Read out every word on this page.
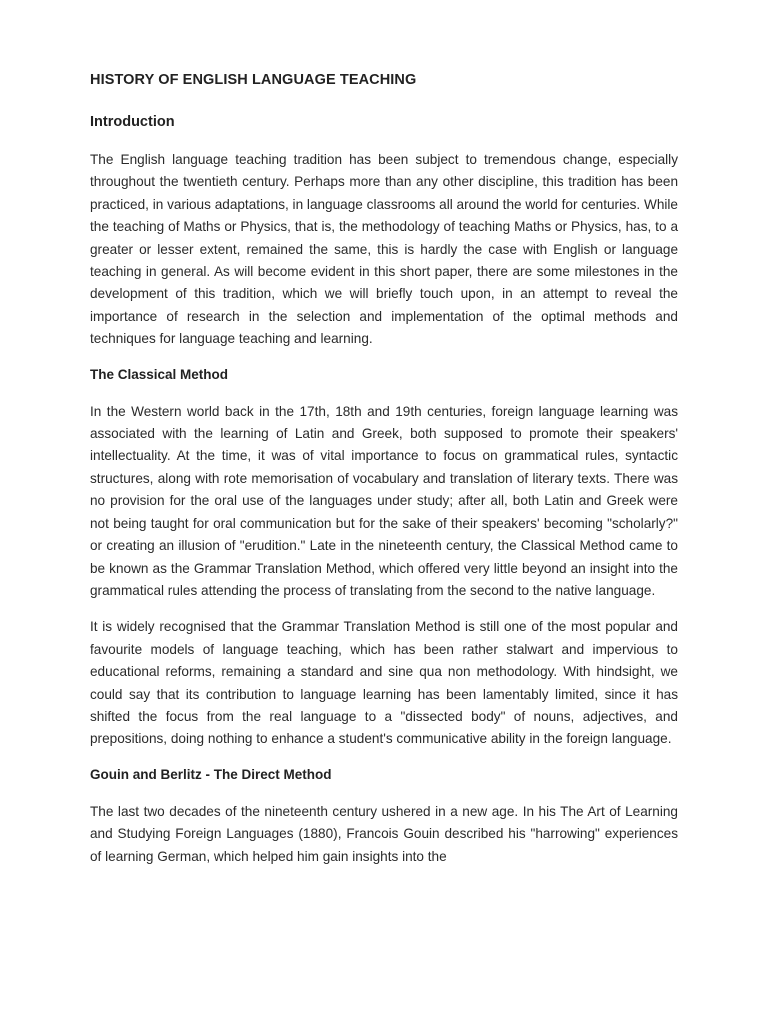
HISTORY OF ENGLISH LANGUAGE TEACHING
Introduction

The English language teaching tradition has been subject to tremendous change, especially throughout the twentieth century. Perhaps more than any other discipline, this tradition has been practiced, in various adaptations, in language classrooms all around the world for centuries. While the teaching of Maths or Physics, that is, the methodology of teaching Maths or Physics, has, to a greater or lesser extent, remained the same, this is hardly the case with English or language teaching in general. As will become evident in this short paper, there are some milestones in the development of this tradition, which we will briefly touch upon, in an attempt to reveal the importance of research in the selection and implementation of the optimal methods and techniques for language teaching and learning.

The Classical Method

In the Western world back in the 17th, 18th and 19th centuries, foreign language learning was associated with the learning of Latin and Greek, both supposed to promote their speakers' intellectuality. At the time, it was of vital importance to focus on grammatical rules, syntactic structures, along with rote memorisation of vocabulary and translation of literary texts. There was no provision for the oral use of the languages under study; after all, both Latin and Greek were not being taught for oral communication but for the sake of their speakers' becoming "scholarly?" or creating an illusion of "erudition." Late in the nineteenth century, the Classical Method came to be known as the Grammar Translation Method, which offered very little beyond an insight into the grammatical rules attending the process of translating from the second to the native language.

It is widely recognised that the Grammar Translation Method is still one of the most popular and favourite models of language teaching, which has been rather stalwart and impervious to educational reforms, remaining a standard and sine qua non methodology. With hindsight, we could say that its contribution to language learning has been lamentably limited, since it has shifted the focus from the real language to a "dissected body" of nouns, adjectives, and prepositions, doing nothing to enhance a student's communicative ability in the foreign language.

Gouin and Berlitz - The Direct Method

The last two decades of the nineteenth century ushered in a new age. In his The Art of Learning and Studying Foreign Languages (1880), Francois Gouin described his "harrowing" experiences of learning German, which helped him gain insights into the
